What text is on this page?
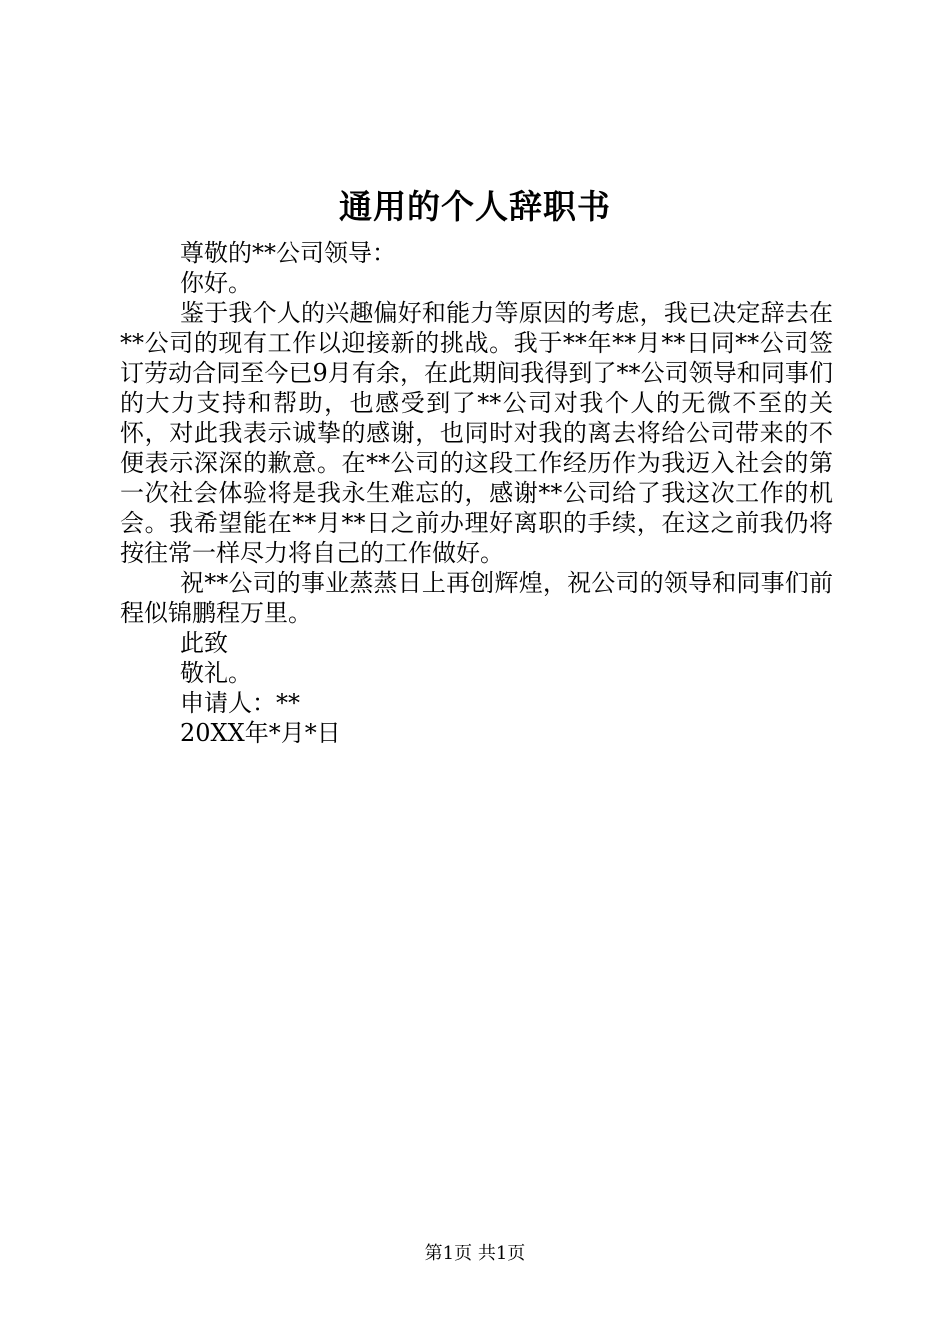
通用的个人辞职书

尊敬的**公司领导：

你好。

鉴于我个人的兴趣偏好和能力等原因的考虑，我已决定辞去在**公司的现有工作以迎接新的挑战。我于**年**月**日同**公司签订劳动合同至今已9月有余，在此期间我得到了**公司领导和同事们的大力支持和帮助，也感受到了**公司对我个人的无微不至的关怀，对此我表示诚挚的感谢，也同时对我的离去将给公司带来的不便表示深深的歉意。在**公司的这段工作经历作为我迈入社会的第一次社会体验将是我永生难忘的，感谢**公司给了我这次工作的机会。我希望能在**月**日之前办理好离职的手续，在这之前我仍将按往常一样尽力将自己的工作做好。

祝**公司的事业蒸蒸日上再创辉煌，祝公司的领导和同事们前程似锦鹏程万里。

此致

敬礼。

申请人：**

20XX年*月*日

第1页 共1页
